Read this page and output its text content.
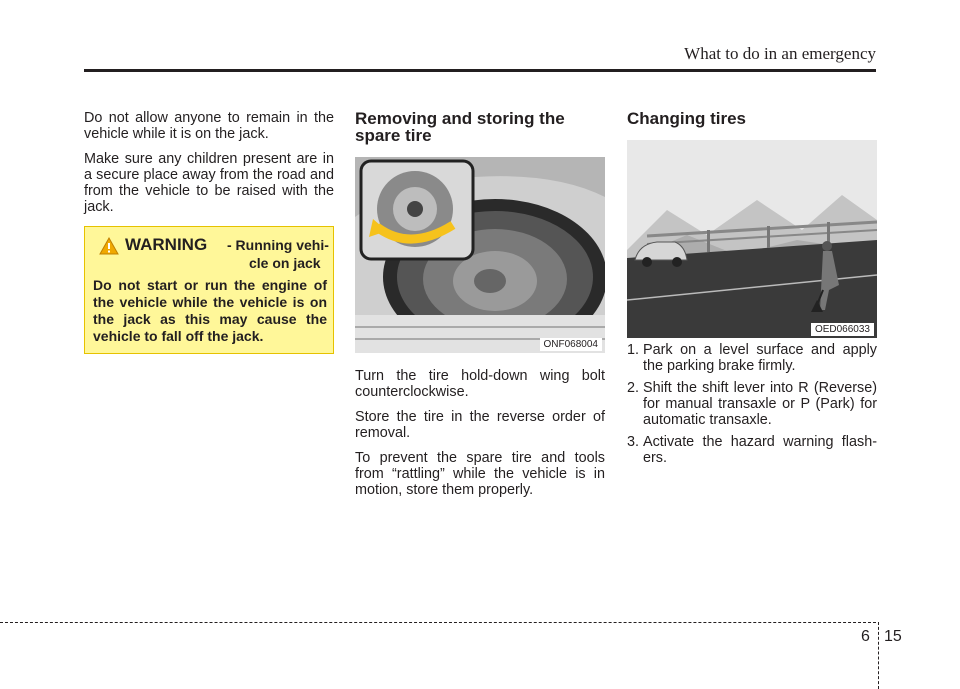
What to do in an emergency

Do not allow anyone to remain in the vehicle while it is on the jack.

Make sure any children present are in a secure place away from the road and from the vehicle to be raised with the jack.

WARNING - Running vehi-
cle on jack
Do not start or run the engine of the vehicle while the vehicle is on the jack as this may cause the vehicle to fall off the jack.
Removing and storing the spare tire

Turn the tire hold-down wing bolt counterclockwise.

Store the tire in the reverse order of removal.

To prevent the spare tire and tools from “rattling” while the vehicle is in motion, store them properly.

ONF068004
Changing tires
1. Park on a level surface and apply the parking brake firmly.
2. Shift the shift lever into R (Reverse) for manual transaxle or P (Park) for automatic transaxle.
3. Activate the hazard warning flash- ers.
OED066033
6 15
